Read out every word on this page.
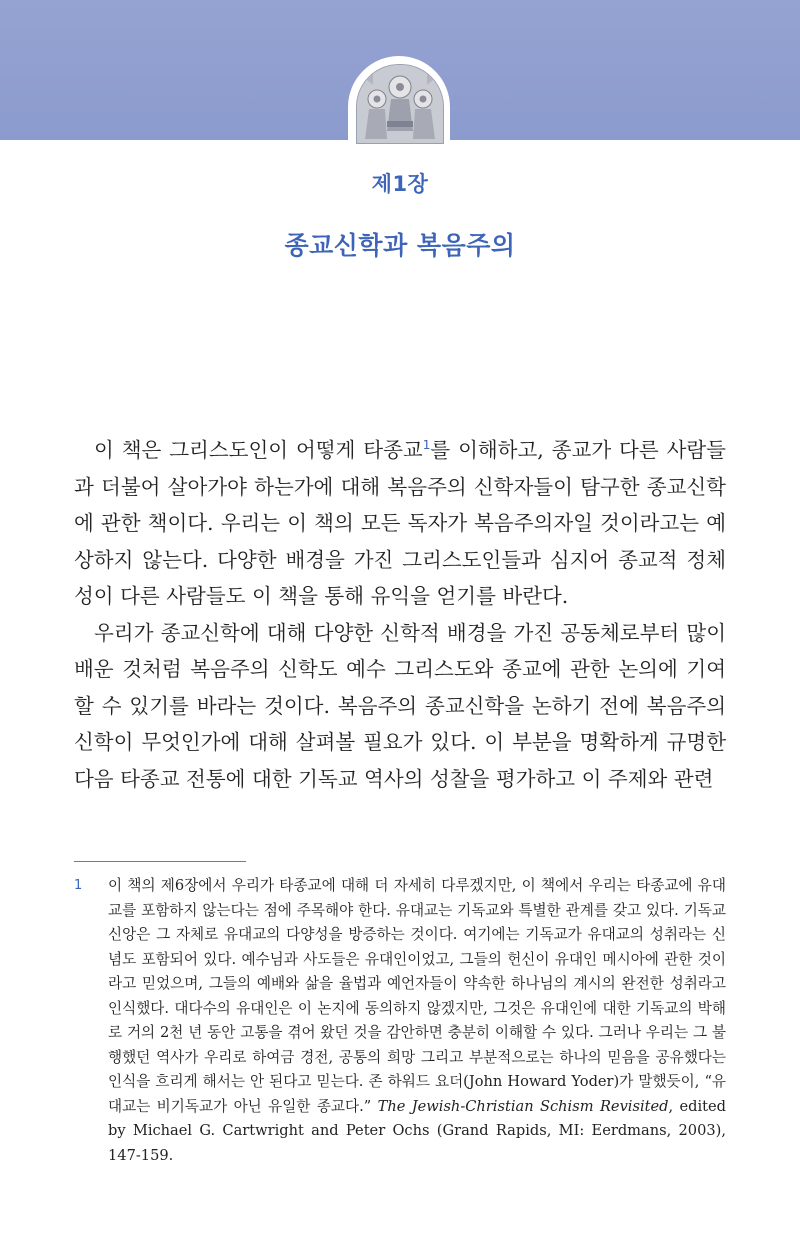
제1장
종교신학과 복음주의

이 책은 그리스도인이 어떻게 타종교$^1$를 이해하고, 종교가 다른 사람들과 더불어 살아가야 하는가에 대해 복음주의 신학자들이 탐구한 종교신학에 관한 책이다. 우리는 이 책의 모든 독자가 복음주의자일 것이라고는 예상하지 않는다. 다양한 배경을 가진 그리스도인들과 심지어 종교적 정체성이 다른 사람들도 이 책을 통해 유익을 얻기를 바란다.

우리가 종교신학에 대해 다양한 신학적 배경을 가진 공동체로부터 많이 배운 것처럼 복음주의 신학도 예수 그리스도와 종교에 관한 논의에 기여할 수 있기를 바라는 것이다. 복음주의 종교신학을 논하기 전에 복음주의 신학이 무엇인가에 대해 살펴볼 필요가 있다. 이 부분을 명확하게 규명한 다음 타종교 전통에 대한 기독교 역사의 성찰을 평가하고 이 주제와 관련

1	이 책의 제6장에서 우리가 타종교에 대해 더 자세히 다루겠지만, 이 책에서 우리는 타종교에 유대교를 포함하지 않는다는 점에 주목해야 한다. 유대교는 기독교와 특별한 관계를 갖고 있다. 기독교 신앙은 그 자체로 유대교의 다양성을 방증하는 것이다. 여기에는 기독교가 유대교의 성취라는 신념도 포함되어 있다. 예수님과 사도들은 유대인이었고, 그들의 헌신이 유대인 메시아에 관한 것이라고 믿었으며, 그들의 예배와 삶을 율법과 예언자들이 약속한 하나님의 계시의 완전한 성취라고 인식했다. 대다수의 유대인은 이 논지에 동의하지 않겠지만, 그것은 유대인에 대한 기독교의 박해로 거의 2천 년 동안 고통을 겪어 왔던 것을 감안하면 충분히 이해할 수 있다. 그러나 우리는 그 불행했던 역사가 우리로 하여금 경전, 공통의 희망 그리고 부분적으로는 하나의 믿음을 공유했다는 인식을 흐리게 해서는 안 된다고 믿는다. 존 하워드 요더(John Howard Yoder)가 말했듯이, “유대교는 비기독교가 아닌 유일한 종교다.” The Jewish-Christian Schism Revisited, edited by Michael G. Cartwright and Peter Ochs (Grand Rapids, MI: Eerdmans, 2003), 147-159.
